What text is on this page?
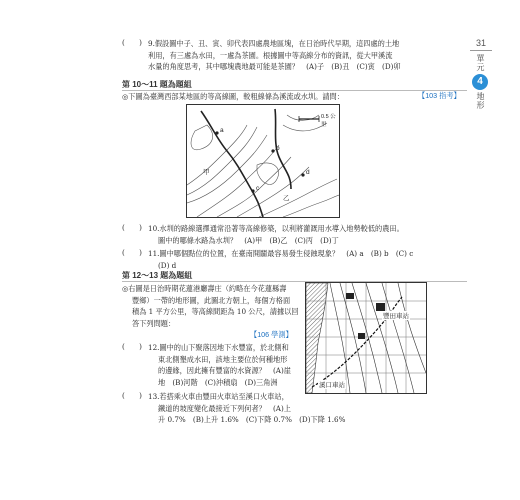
31
單元
4
地形
(　　) 9.假設圖中子、丑、寅、卯代表四處農地區塊，在日治時代早期，這四處的土地
利用，有三處為水田，一處為茶園。根據圖中等高線分布的資訊，從大甲溪流
水量的角度思考，其中哪塊農地最可能是茶園？　(A)子　(B)丑　(C)寅　(D)卯
第 10～11 題為題組
◎下圖為臺灣西部某地區的等高線圖，較粗線條為溪流或水圳。請問：	【103 指考】
0.5 公里
a
b
c
d
甲
乙
(　　) 10.水圳的路線選擇通常沿著等高線修築，以利將灌溉用水導入地勢較低的農田。
圖中的哪條水路為水圳？　(A)甲　(B)乙　(C)丙　(D)丁
(　　) 11.圖中哪個點位的位置，在臺南開闢最容易發生侵蝕現象？　(A) a　(B) b　(C) c
(D) d
第 12～13 題為題組
◎右圖是日治時期花蓮港廳壽庄（約略在今花蓮縣壽
豐鄉）一帶的地形圖，此圖北方朝上，每個方格面
積為 1 平方公里，等高線間距為 10 公尺，請據以回
答下列問題：
【106 學測】
豐田車站
溪口車站
(　　) 12.圖中的山下聚落因地下水豐富，於北側和
東北側墾成水田，該地主要位於何種地形
的邊緣，因此擁有豐富的水資源？　(A)崖
地　(B)河階　(C)沖積扇　(D)三角洲
(　　) 13.若搭乘火車由豐田火車站至溪口火車站，
鐵道的坡度變化最接近下列何者？　(A)上
升 0.7%　(B)上升 1.6%　(C)下降 0.7%　(D)下降 1.6%
